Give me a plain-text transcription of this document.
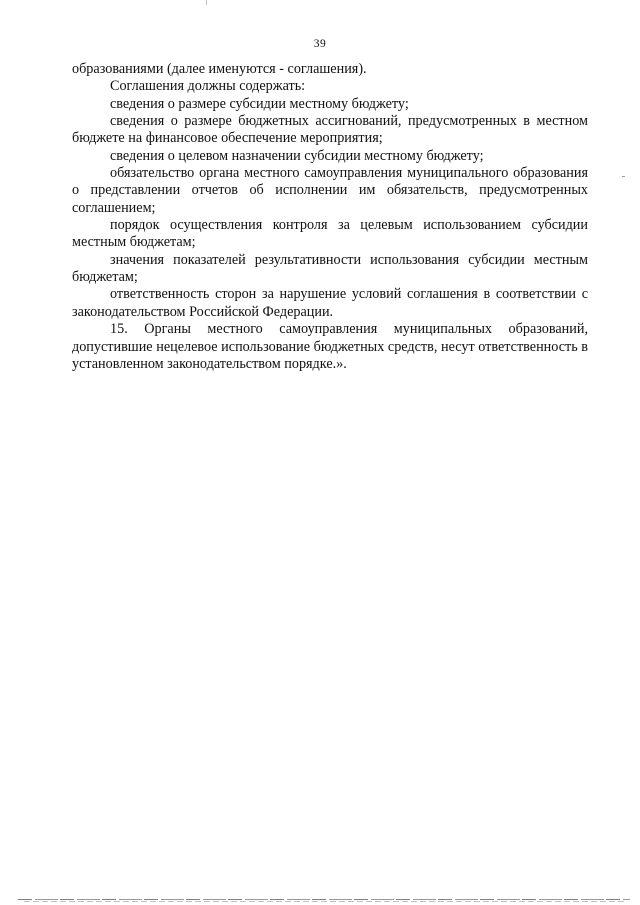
39

образованиями (далее именуются - соглашения).

Соглашения должны содержать:

сведения о размере субсидии местному бюджету;

сведения о размере бюджетных ассигнований, предусмотренных в местном бюджете на финансовое обеспечение мероприятия;

сведения о целевом назначении субсидии местному бюджету;

обязательство органа местного самоуправления муниципального образования о представлении отчетов об исполнении им обязательств, предусмотренных соглашением;

порядок осуществления контроля за целевым использованием субсидии местным бюджетам;

значения показателей результативности использования субсидии местным бюджетам;

ответственность сторон за нарушение условий соглашения в соответствии с законодательством Российской Федерации.

15. Органы местного самоуправления муниципальных образований, допустившие нецелевое использование бюджетных средств, несут ответственность в установленном законодательством порядке.».
